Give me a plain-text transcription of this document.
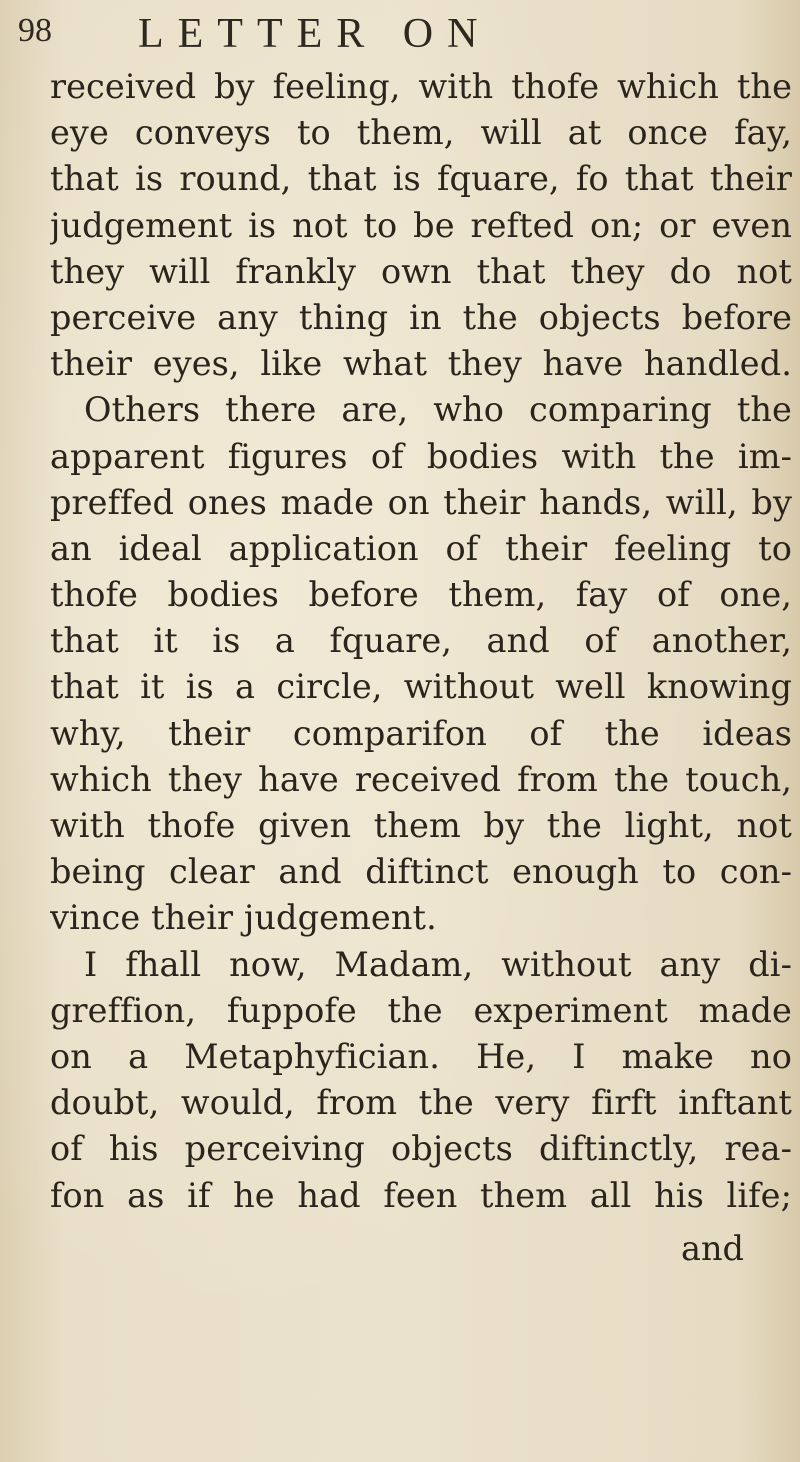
98 LETTER ON
received by feeling, with thofe which the
eye conveys to them, will at once fay,
that is round, that is fquare, fo that their
judgement is not to be refted on; or even
they will frankly own that they do not
perceive any thing in the objects before
their eyes, like what they have handled.
Others there are, who comparing the
apparent figures of bodies with the im-
preffed ones made on their hands, will, by
an ideal application of their feeling to
thofe bodies before them, fay of one,
that it is a fquare, and of another,
that it is a circle, without well knowing
why, their comparifon of the ideas
which they have received from the touch,
with thofe given them by the light, not
being clear and diftinct enough to con-
vince their judgement.
I fhall now, Madam, without any di-
greffion, fuppofe the experiment made
on a Metaphyfician. He, I make no
doubt, would, from the very firft inftant
of his perceiving objects diftinctly, rea-
fon as if he had feen them all his life;
and
